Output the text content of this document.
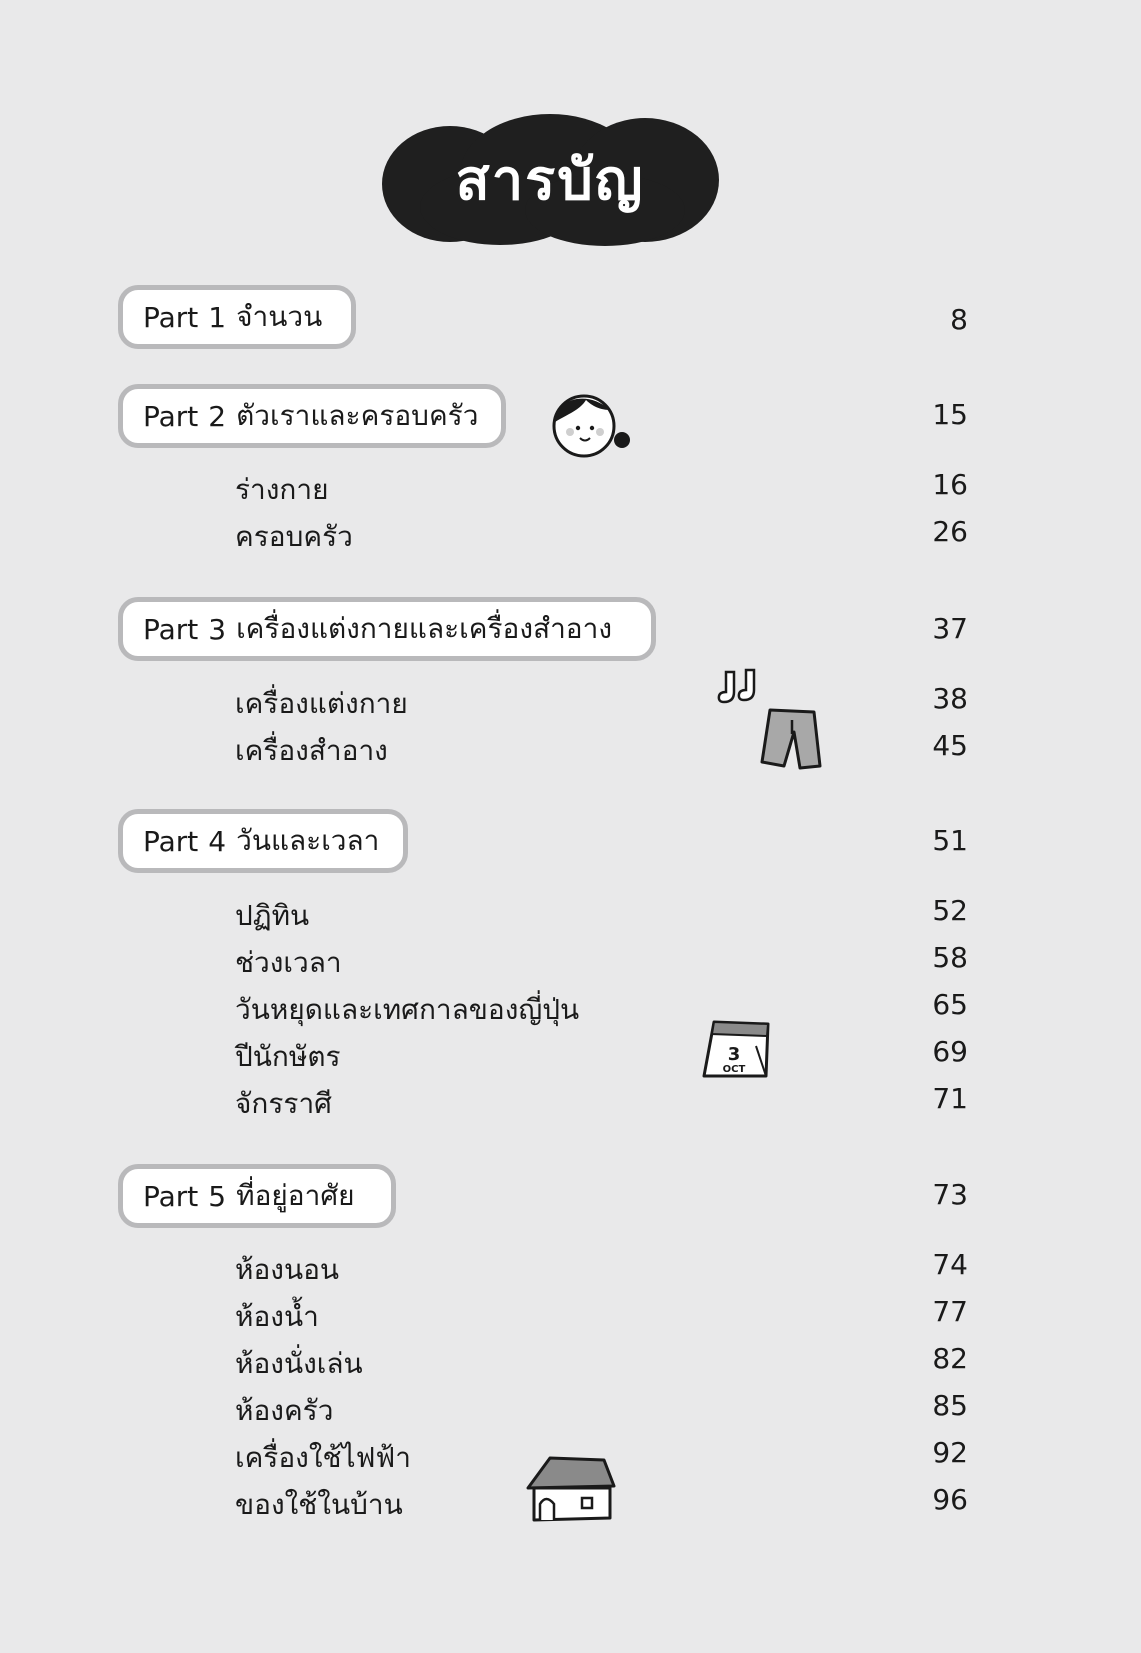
สารบัญ
Part 1 จำนวน	8
Part 2 ตัวเราและครอบครัว	15
ร่างกาย	16
ครอบครัว	26
Part 3 เครื่องแต่งกายและเครื่องสำอาง	37
เครื่องแต่งกาย	38
เครื่องสำอาง	45
Part 4 วันและเวลา	51
ปฏิทิน	52
ช่วงเวลา	58
วันหยุดและเทศกาลของญี่ปุ่น	65
ปีนักษัตร	69
จักรราศี	71
Part 5 ที่อยู่อาศัย	73
ห้องนอน	74
ห้องน้ำ	77
ห้องนั่งเล่น	82
ห้องครัว	85
เครื่องใช้ไฟฟ้า	92
ของใช้ในบ้าน	96
3
OCT
